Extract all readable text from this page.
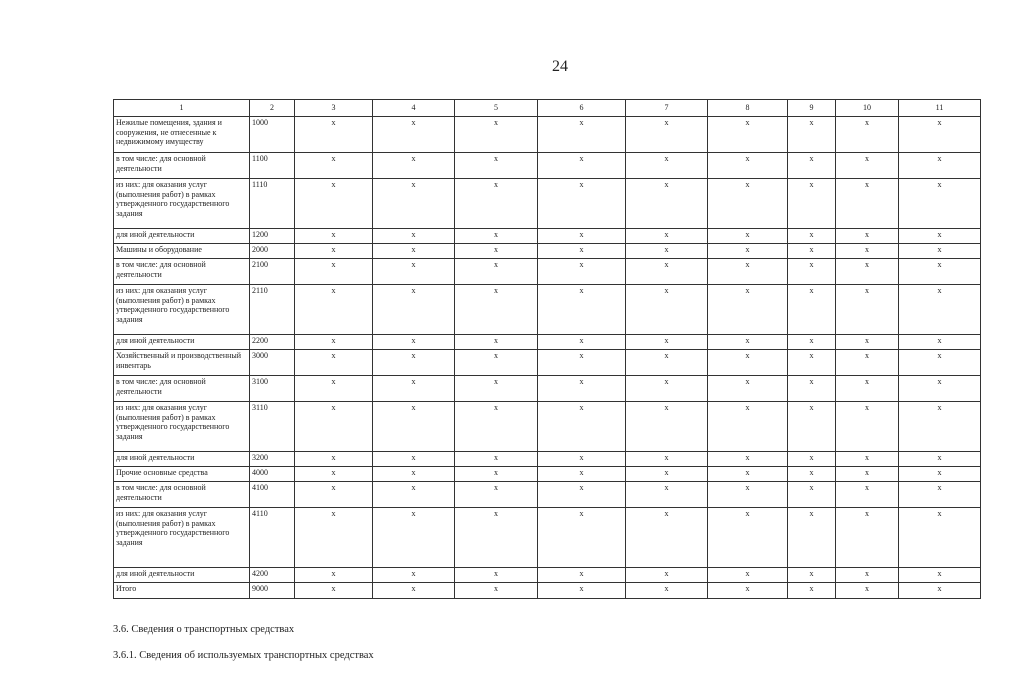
24
1	2	3	4	5	6	7	8	9	10	11
Нежилые помещения, здания и сооружения, не отнесенные к недвижимому имуществу	1000	x	x	x	x	x	x	x	x	x
в том числе: для основной деятельности	1100	x	x	x	x	x	x	x	x	x
из них: для оказания услуг (выполнения работ) в рамках утвержденного государственного задания	1110	x	x	x	x	x	x	x	x	x
для иной деятельности	1200	x	x	x	x	x	x	x	x	x
Машины и оборудование	2000	x	x	x	x	x	x	x	x	x
в том числе: для основной деятельности	2100	x	x	x	x	x	x	x	x	x
из них: для оказания услуг (выполнения работ) в рамках утвержденного государственного задания	2110	x	x	x	x	x	x	x	x	x
для иной деятельности	2200	x	x	x	x	x	x	x	x	x
Хозяйственный и производственный инвентарь	3000	x	x	x	x	x	x	x	x	x
в том числе: для основной деятельности	3100	x	x	x	x	x	x	x	x	x
из них: для оказания услуг (выполнения работ) в рамках утвержденного государственного задания	3110	x	x	x	x	x	x	x	x	x
для иной деятельности	3200	x	x	x	x	x	x	x	x	x
Прочие основные средства	4000	x	x	x	x	x	x	x	x	x
в том числе: для основной деятельности	4100	x	x	x	x	x	x	x	x	x
из них: для оказания услуг (выполнения работ) в рамках утвержденного государственного задания	4110	x	x	x	x	x	x	x	x	x
для иной деятельности	4200	x	x	x	x	x	x	x	x	x
Итого	9000	x	x	x	x	x	x	x	x	x
3.6. Сведения о транспортных средствах
3.6.1. Сведения об используемых транспортных средствах
